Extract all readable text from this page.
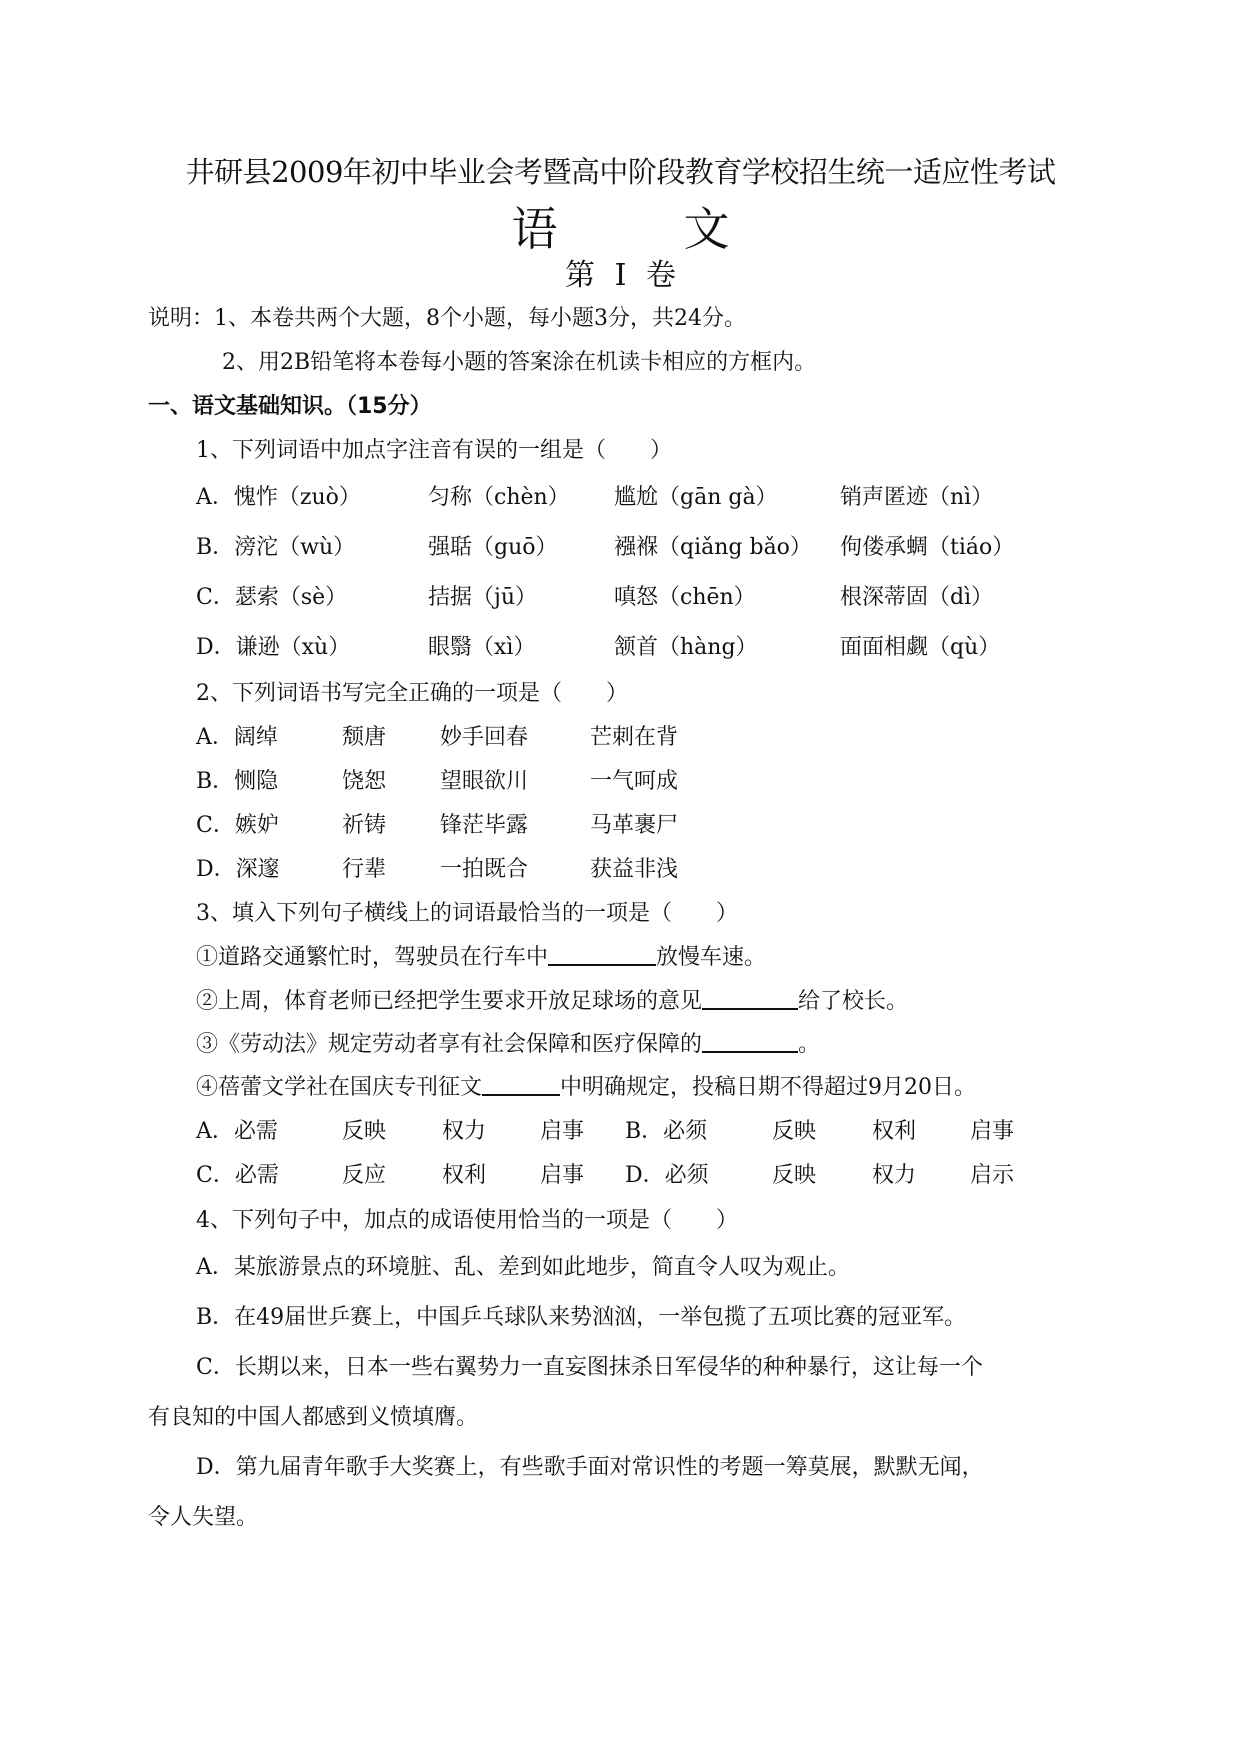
井研县2009年初中毕业会考暨高中阶段教育学校招生统一适应性考试
语	文
第 Ⅰ 卷
说明：1、本卷共两个大题，8个小题，每小题3分，共24分。
2、用2B铅笔将本卷每小题的答案涂在机读卡相应的方框内。
一、语文基础知识。（15分）
1、下列词语中加点字注音有误的一组是（　　）
A．愧怍（zuò）	匀称（chèn） 尴尬（gān gà）	销声匿迹（nì）
B．滂沱（wù）	强聒（guō）	襁褓（qiǎng bǎo） 佝偻承蜩（tiáo）
C．瑟索（sè）	拮据（jū）	嗔怒（chēn）	根深蒂固（dì）
D．谦逊（xù）	眼翳（xì）	颔首（hàng）	面面相觑（qù）
2、下列词语书写完全正确的一项是（　　）
A．阔绰	颓唐 妙手回春	芒刺在背
B．恻隐	饶恕 望眼欲川	一气呵成
C．嫉妒	祈铸 锋茫毕露	马革裹尸
D．深邃	行辈 一拍既合	获益非浅
3、填入下列句子横线上的词语最恰当的一项是（　　）
①道路交通繁忙时，驾驶员在行车中	放慢车速。
②上周，体育老师已经把学生要求开放足球场的意见	给了校长。
③《劳动法》规定劳动者享有社会保障和医疗保障的	。
④蓓蕾文学社在国庆专刊征文	中明确规定，投稿日期不得超过9月20日。
A．必需	反映	权力 启事 B．必须	反映	权利 启事
C．必需	反应	权利 启事 D．必须	反映	权力 启示
4、下列句子中，加点的成语使用恰当的一项是（　　）
A．某旅游景点的环境脏、乱、差到如此地步，简直令人叹为观止。
B．在49届世乒赛上，中国乒乓球队来势汹汹，一举包揽了五项比赛的冠亚军。
C．长期以来，日本一些右翼势力一直妄图抹杀日军侵华的种种暴行，这让每一个
有良知的中国人都感到义愤填膺。
D．第九届青年歌手大奖赛上，有些歌手面对常识性的考题一筹莫展，默默无闻，
令人失望。
